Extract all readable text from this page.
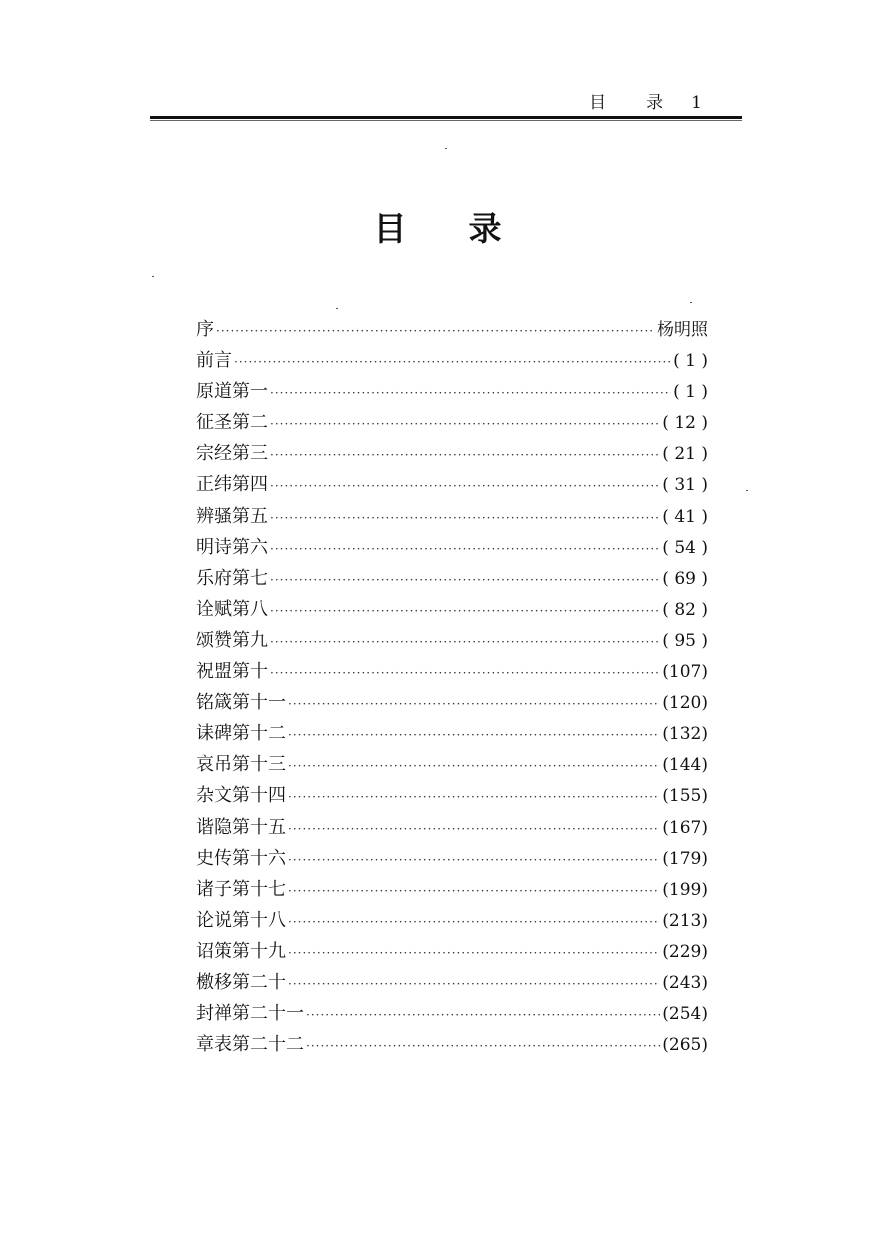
目 录 1
目 录
序 ·····	杨明照
前言 ·····	( 1 )
原道第一 ·····	( 1 )
征圣第二 ·····	( 12 )
宗经第三 ·····	( 21 )
正纬第四 ·····	( 31 )
辨骚第五 ·····	( 41 )
明诗第六 ·····	( 54 )
乐府第七 ·····	( 69 )
诠赋第八 ·····	( 82 )
颂赞第九 ·····	( 95 )
祝盟第十 ·····	(107)
铭箴第十一 ·····	(120)
诔碑第十二 ·····	(132)
哀吊第十三 ·····	(144)
杂文第十四 ·····	(155)
谐隐第十五 ·····	(167)
史传第十六 ·····	(179)
诸子第十七 ·····	(199)
论说第十八 ·····	(213)
诏策第十九 ·····	(229)
檄移第二十 ·····	(243)
封禅第二十一 ·····	(254)
章表第二十二 ·····	(265)
